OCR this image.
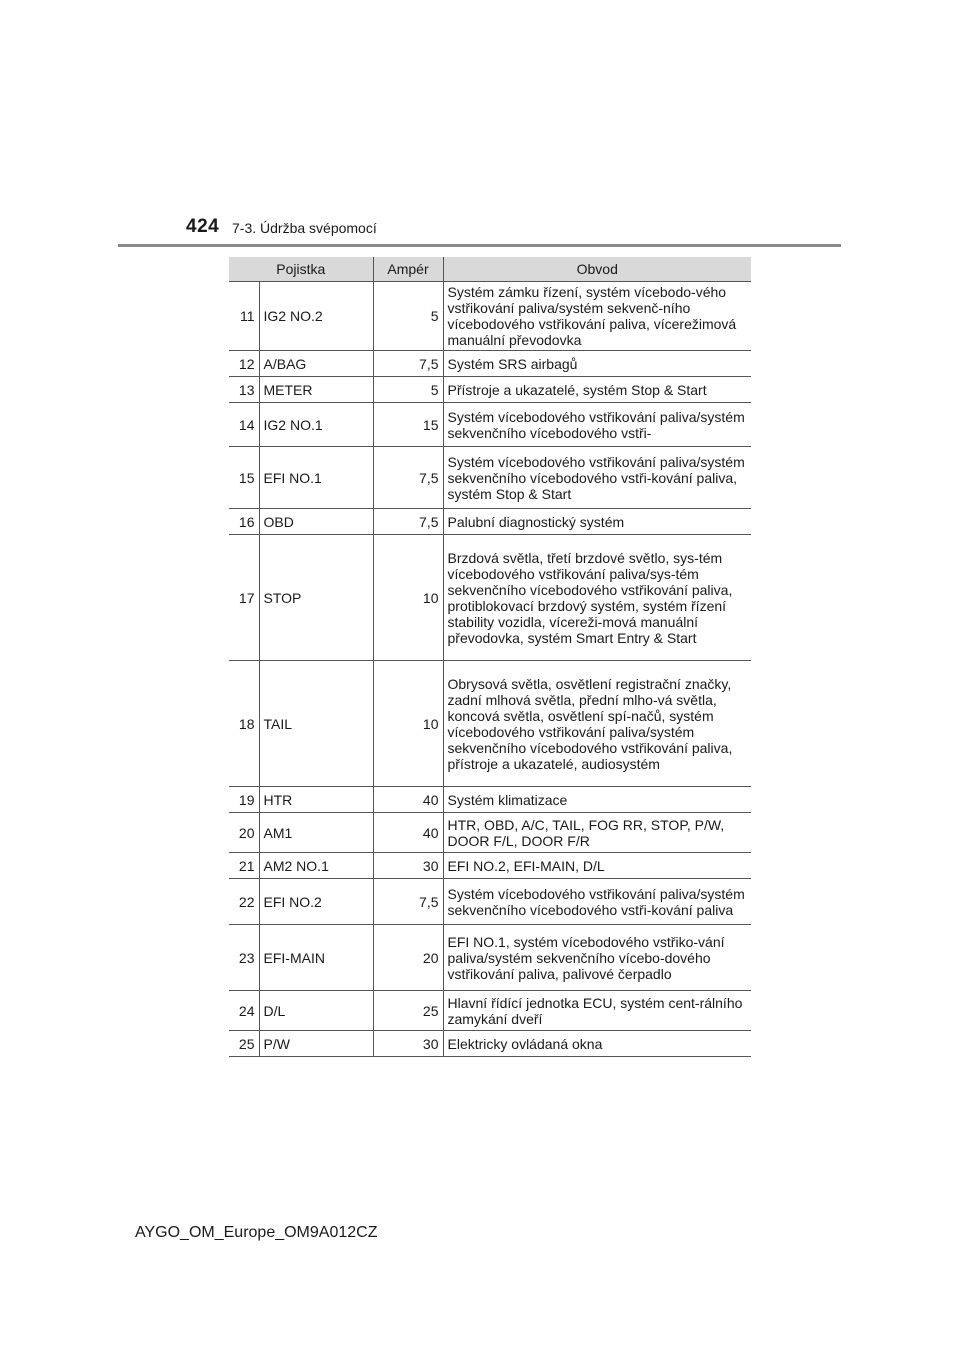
424 7-3. Údržba svépomocí
Pojistka		Ampér	Obvod
11	IG2 NO.2	5	Systém zámku řízení, systém vícebodo-vého vstřikování paliva/systém sekvenč-ního vícebodového vstřikování paliva, vícerežimová manuální převodovka
12	A/BAG	7,5	Systém SRS airbagů
13	METER	5	Přístroje a ukazatelé, systém Stop & Start
14	IG2 NO.1	15	Systém vícebodového vstřikování paliva/systém sekvenčního vícebodového vstři-
15	EFI NO.1	7,5	Systém vícebodového vstřikování paliva/systém sekvenčního vícebodového vstři-kování paliva, systém Stop & Start
16	OBD	7,5	Palubní diagnostický systém
17	STOP	10	Brzdová světla, třetí brzdové světlo, sys-tém vícebodového vstřikování paliva/sys-tém sekvenčního vícebodového vstřikování paliva, protiblokovací brzdový systém, systém řízení stability vozidla, vícereži-mová manuální převodovka, systém Smart Entry & Start
18	TAIL	10	Obrysová světla, osvětlení registrační značky, zadní mlhová světla, přední mlho-vá světla, koncová světla, osvětlení spí-načů, systém vícebodového vstřikování paliva/systém sekvenčního vícebodového vstřikování paliva, přístroje a ukazatelé, audiosystém
19	HTR	40	Systém klimatizace
20	AM1	40	HTR, OBD, A/C, TAIL, FOG RR, STOP, P/W, DOOR F/L, DOOR F/R
21	AM2 NO.1	30	EFI NO.2, EFI-MAIN, D/L
22	EFI NO.2	7,5	Systém vícebodového vstřikování paliva/systém sekvenčního vícebodového vstři-kování paliva
23	EFI-MAIN	20	EFI NO.1, systém vícebodového vstřiko-vání paliva/systém sekvenčního vícebo-dového vstřikování paliva, palivové čerpadlo
24	D/L	25	Hlavní řídící jednotka ECU, systém cent-rálního zamykání dveří
25	P/W	30	Elektricky ovládaná okna
AYGO_OM_Europe_OM9A012CZ
